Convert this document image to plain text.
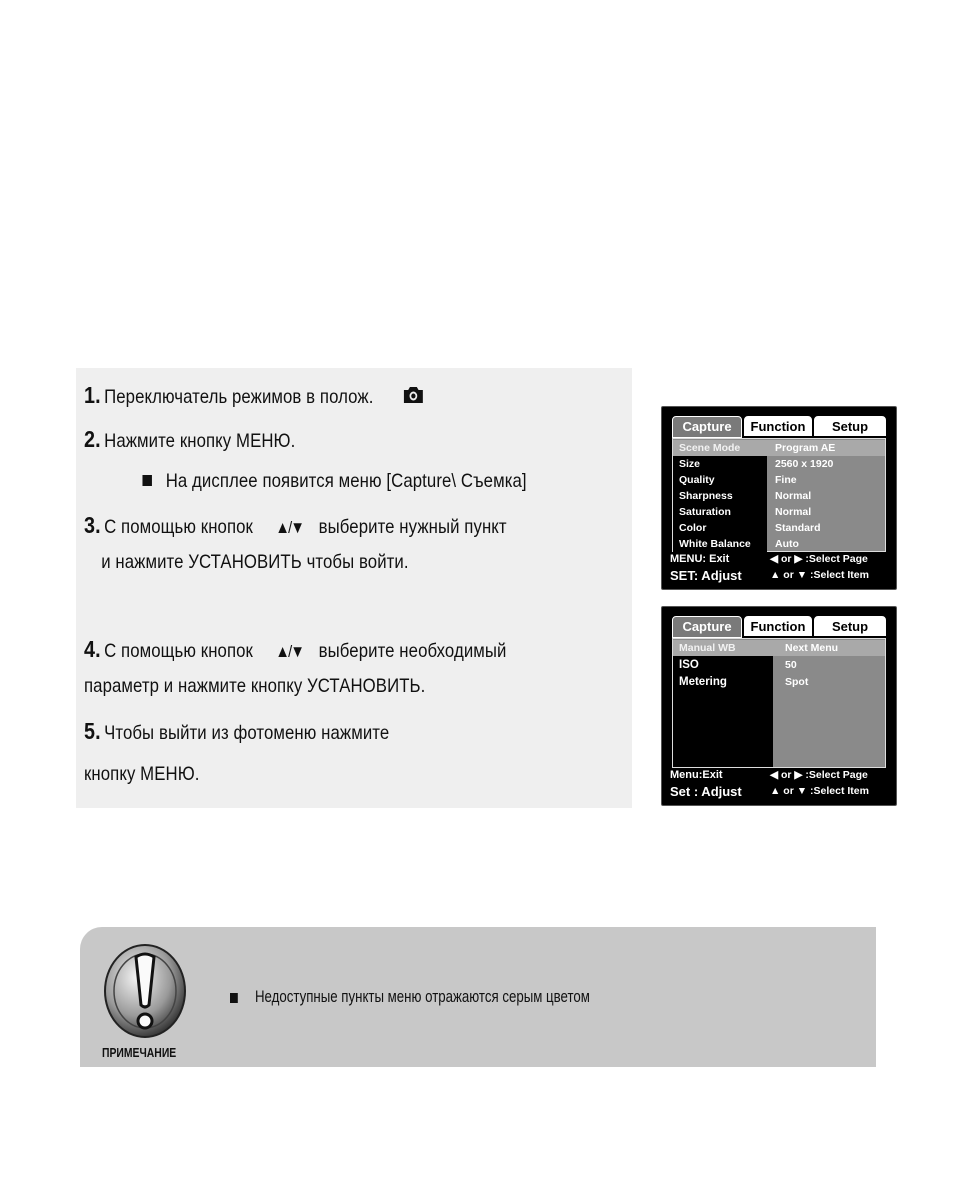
1. Переключатель режимов в полож.
2. Нажмите кнопку МЕНЮ.
На дисплее появится меню [Capture\ Съемка]
3. С помощью кнопок ▲/▼ выберите нужный пункт
и нажмите УСТАНОВИТЬ чтобы войти.
4. С помощью кнопок ▲/▼ выберите необходимый
параметр и нажмите кнопку УСТАНОВИТЬ.
5. Чтобы выйти из фотоменю нажмите
кнопку МЕНЮ.
Capture	Function	Setup
Scene Mode	Program AE
Size	2560 x 1920
Quality	Fine
Sharpness	Normal
Saturation	Normal
Color	Standard
White Balance	Auto
MENU: Exit	◀ or ▶ :Select Page
SET: Adjust	▲ or ▼ :Select Item
Capture	Function	Setup
Manual WB	Next Menu
ISO	50
Metering	Spot
Menu:Exit	◀ or ▶ :Select Page
Set : Adjust	▲ or ▼ :Select Item
ПРИМЕЧАНИЕ
Недоступные пункты меню отражаются серым цветом
